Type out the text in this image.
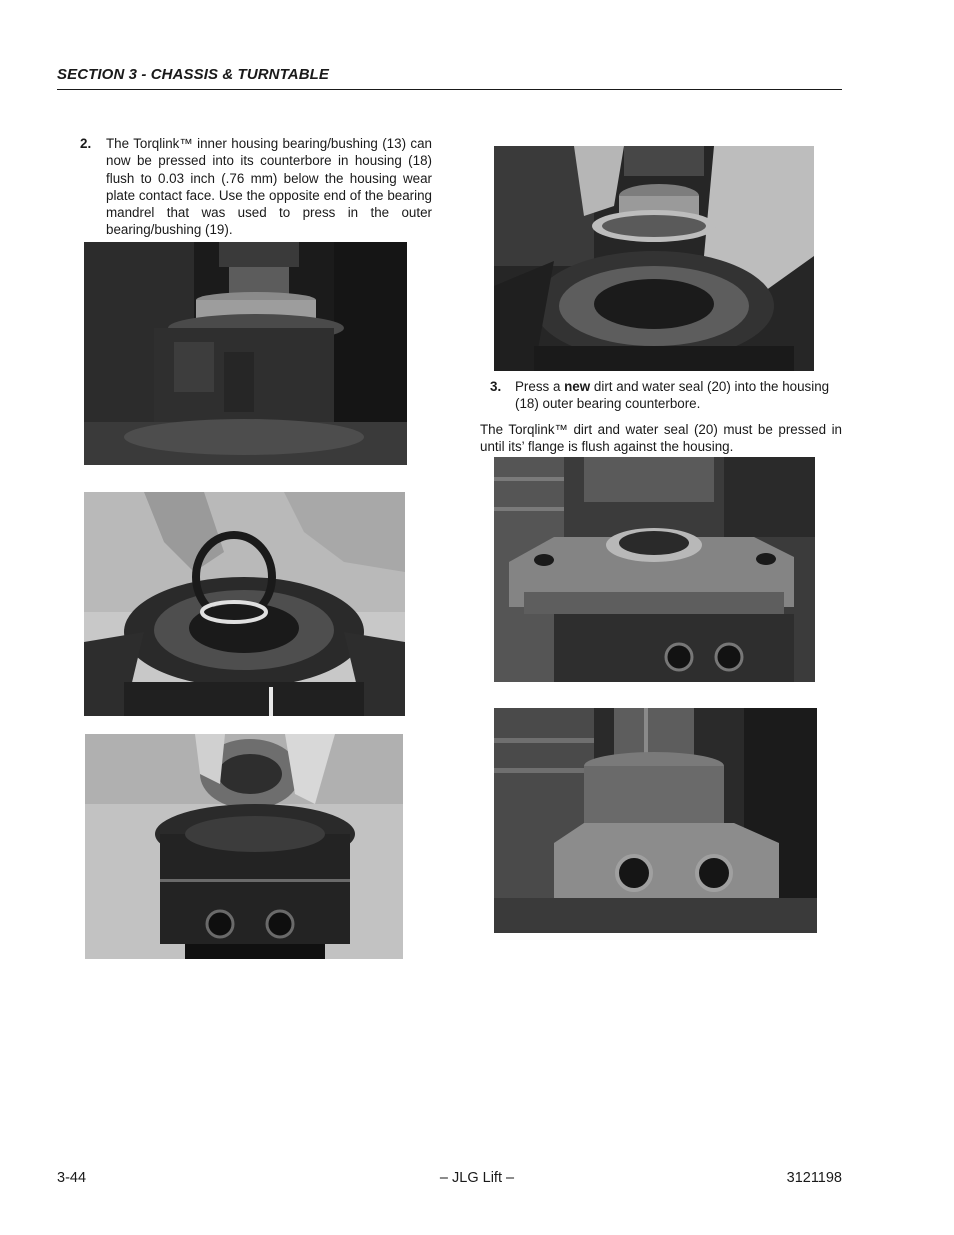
SECTION 3 - CHASSIS & TURNTABLE
2. The Torqlink™ inner housing bearing/bushing (13) can now be pressed into its counterbore in housing (18) flush to 0.03 inch (.76 mm) below the housing wear plate contact face. Use the opposite end of the bearing mandrel that was used to press in the outer bearing/bushing (19).
3. Press a new dirt and water seal (20) into the housing (18) outer bearing counterbore.
The Torqlink™ dirt and water seal (20) must be pressed in until its’ flange is flush against the housing.
3-44	– JLG Lift –	3121198
